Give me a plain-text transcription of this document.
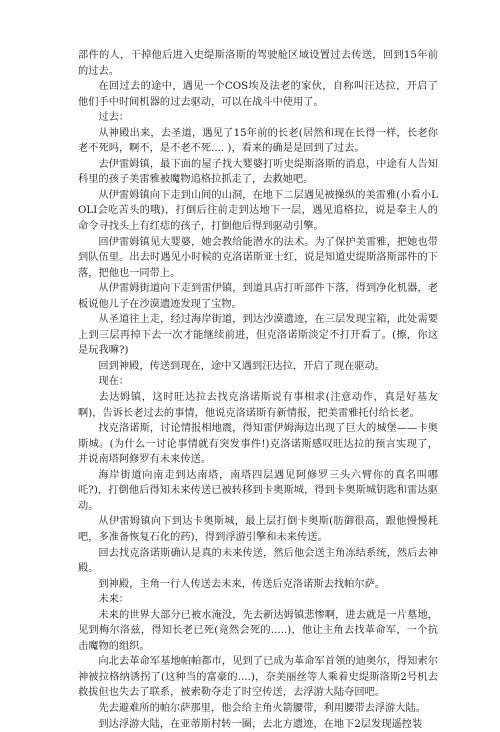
部件的人，干掉他后进入史缇斯洛斯的驾驶舱区域设置过去传送，回到15年前的过去。

在回过去的途中，遇见一个COS埃及法老的家伙，自称叫汪达拉，开启了他们手中时间机器的过去驱动，可以在战斗中使用了。

过去：

从神殿出来，去圣道，遇见了15年前的长老(居然和现在长得一样，长老你老不死吗，啊不，是不老不死.... )，看来的确是是回到了过去。

去伊雷姆镇，最下面的屋子找大婴婆打听史缇斯洛斯的消息，中途有人告知科里的孩子美雷雅被魔物追格拉抓走了，去救她吧。

从伊雷姆镇向下走到山间的山洞，在地下二层遇见被操纵的美雷雅(小看小LOLI会吃苦头的哦)，打倒后往前走到达地下一层，遇见追格拉，说是奉主人的命令寻找头上有红痣的孩子，打倒他后得到驱动引擎。

回伊雷姆镇见大婴婆，她会教给能潜水的法术。为了保护美雷雅，把她也带到队伍里。出去时遇见小时候的克洛诺斯亚士红，说是知道史缇斯洛斯部件的下落，把他也一同带上。

从伊雷姆街道向下走到雷伊镇，到道具店打听部件下落，得到净化机器，老板说他儿子在沙漠遗迹发现了宝物。

从圣道往上走，经过海岸街道，到达沙漠遗迹，在三层发现宝箱，此处需要上到三层再掉下去一次才能继续前进，但克洛诺斯淡定不打开看了。(擦，你这是玩我嘛?)

回到神殿，传送到现在，途中又遇到汪达拉，开启了现在驱动。

现在：

去达姆镇，这时旺达拉去找克洛诺斯说有事相求(注意动作，真是好基友啊)，告诉长老过去的事情，他说克洛诺斯有新情报，把美雷雅托付给长老。

找克洛诺斯，讨论情报相地震，得知雷伊姆海边出现了巨大的城堡——卡奥斯城。(为什么一讨论事情就有突发事件!)克洛诺斯感叹旺达拉的预言实现了，并说南塔阿修罗有未来传送。

海岸街道向南走到达南塔，南塔四层遇见阿修罗三头六臂你的真名叫哪吒?)，打倒他后得知未来传送已被转移到卡奥斯城，得到卡奥斯城钥匙和雷达驱动。

从伊雷姆镇向下到达卡奥斯城，最上层打倒卡奥斯(肪御很高，跟他慢慢耗吧，多准备恢复石化的药)，得到浮游引擎和未来传送。

回去找克洛诺斯确认是真的未来传送，然后他会送主角冻结系统，然后去神殿。

到神殿，主角一行人传送去未来，传送后克洛诺斯去找帕尔萨。

未来：

未来的世界大部分已被水淹没，先去新达姆镇悲惨啊，进去就是一片墓地，见到梅尔洛兹，得知长老已死(竟然会死的.....)，他让主角去找革命军，一个抗击魔物的组织。

向北去革命军基地帕帕都市，见到了已成为革命军首领的迪奥尔，得知索尔神被拉格纳诱拐了(这种当的富豪的....)，奈美丽丝等人乘着史缇斯洛斯2号机去救拔但也失去了联系，被索勒夺走了时空传送，去浮游大陆夺回吧。

先去避难所的帕尔萨那里，他会给主角火箭腰带，利用腰带去浮游大陆。

到达浮游大陆，在亚蒂斯村转一圈，去北方遗迹，在地下2层发现遥控装
